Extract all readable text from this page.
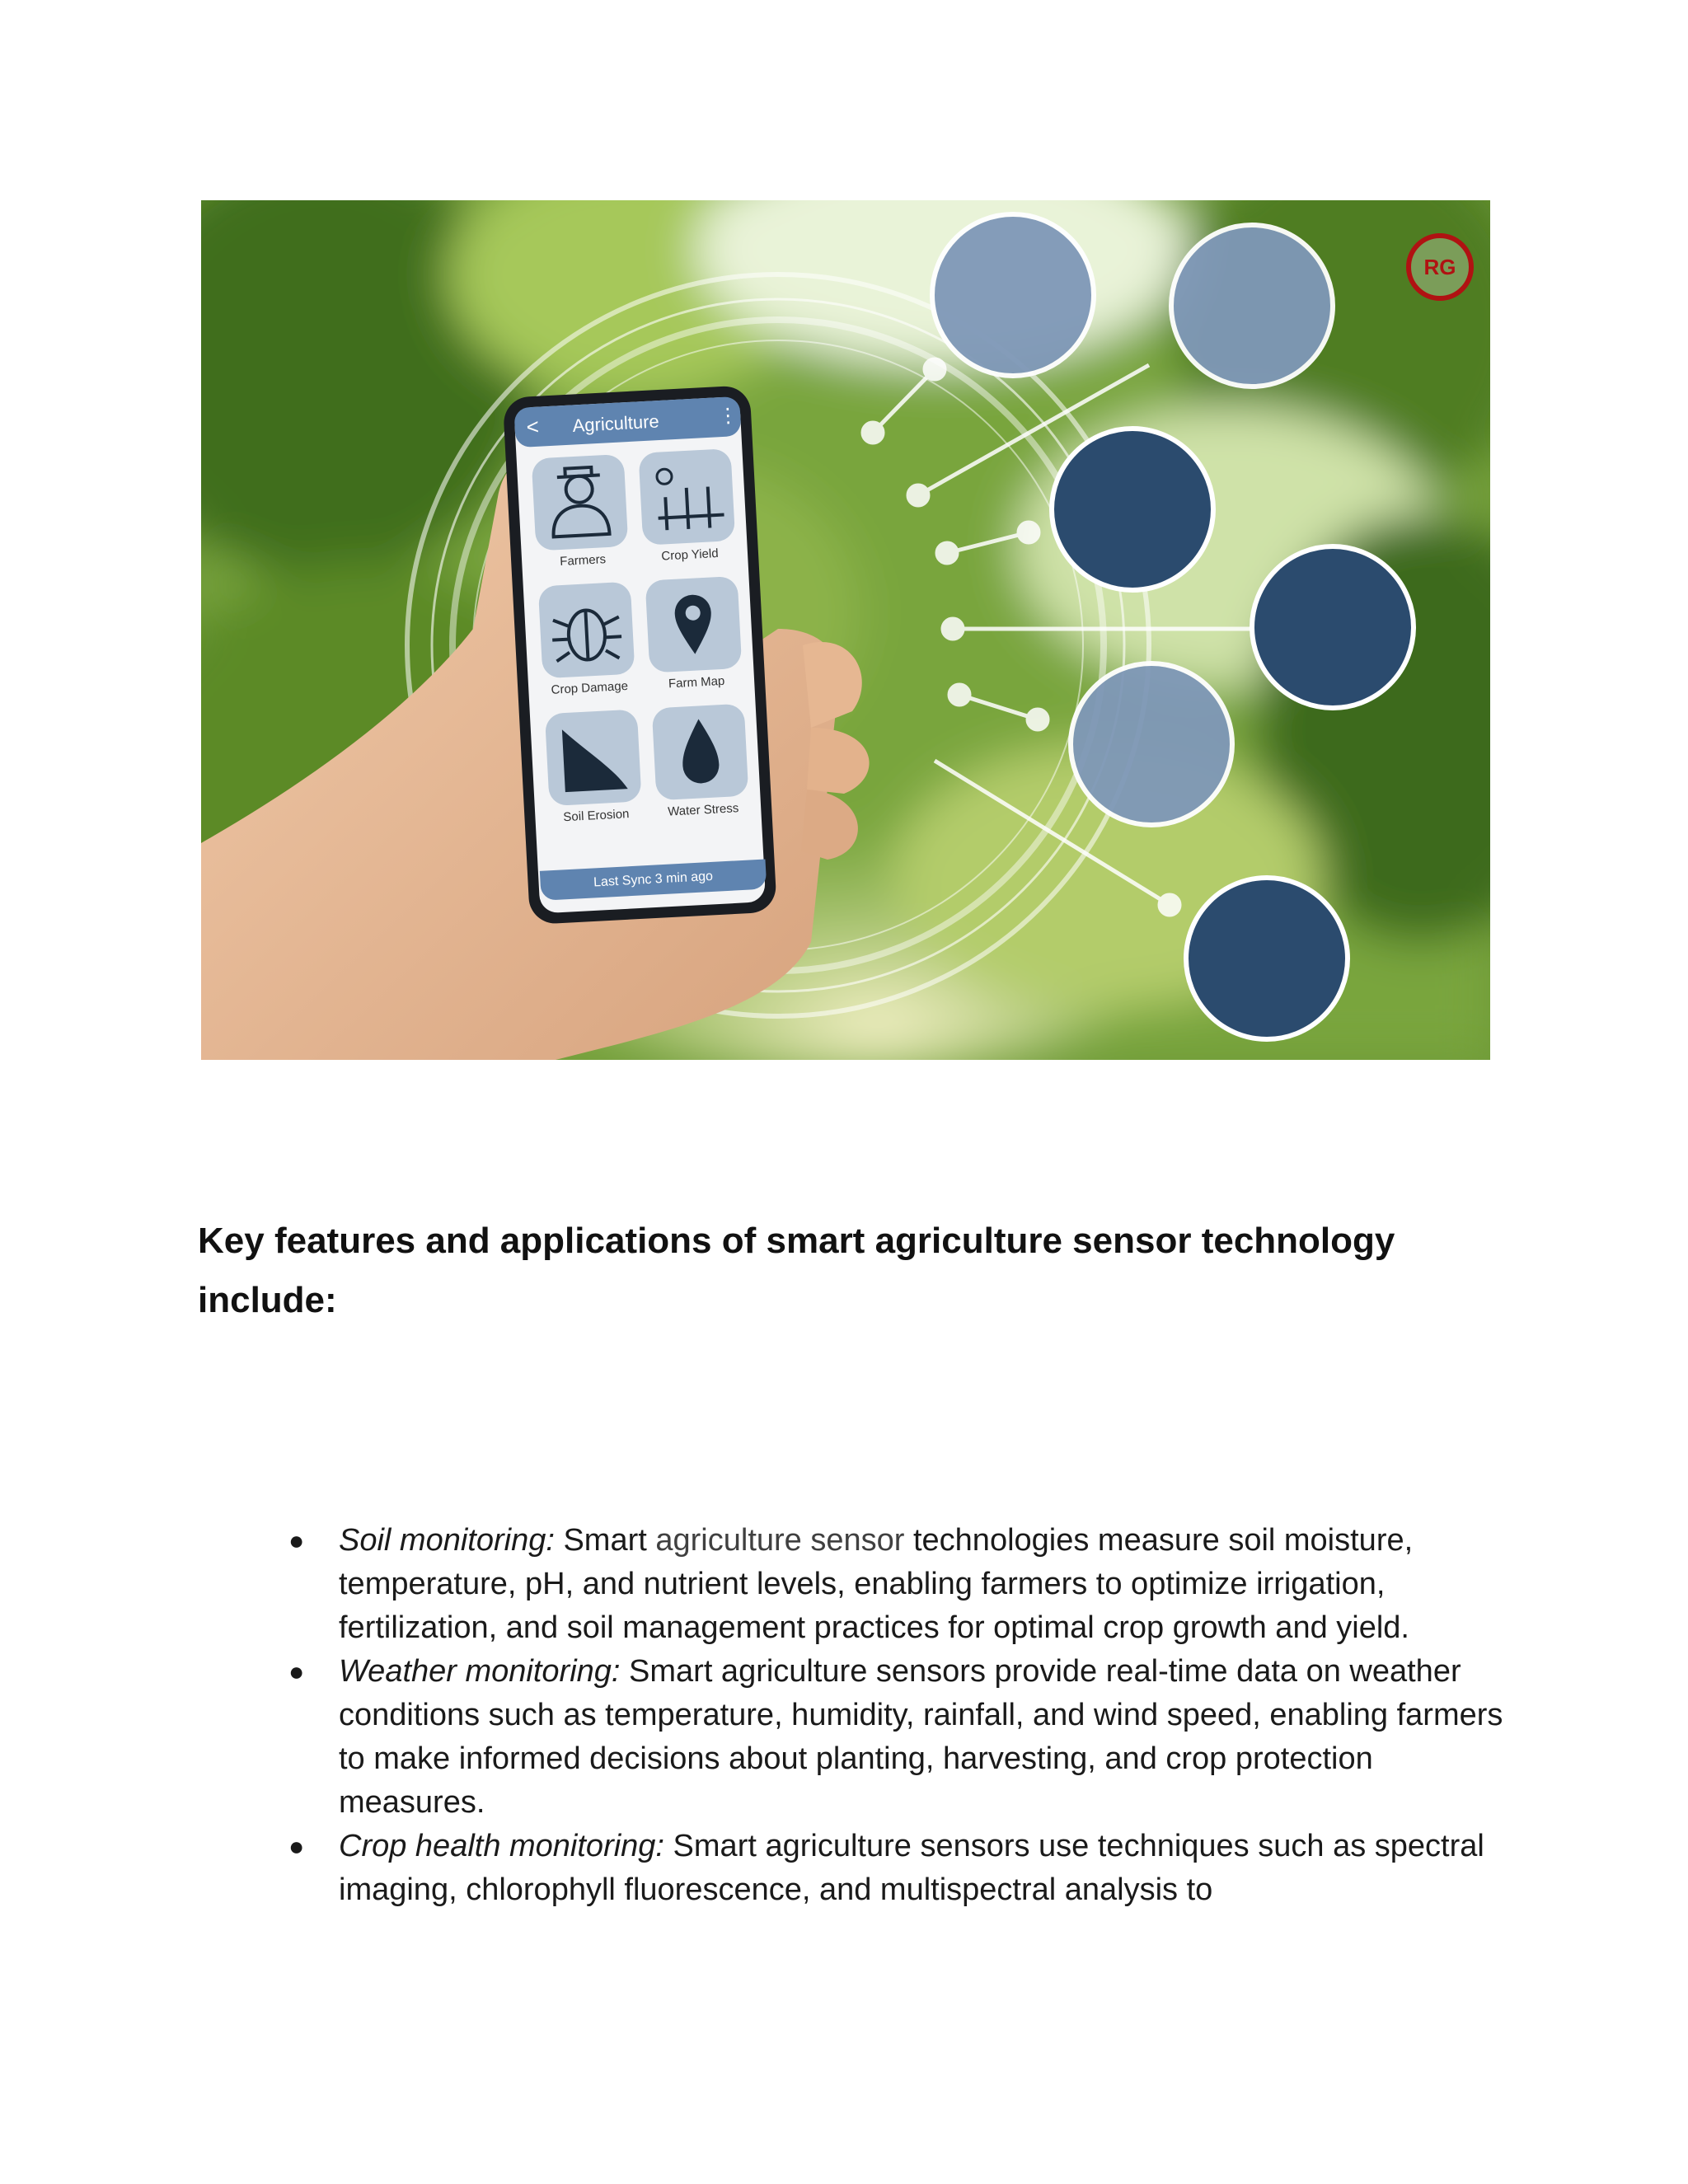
< Agriculture	⋮
Farmers	Crop Yield
Crop Damage	Farm Map
Soil Erosion	Water Stress
Last Sync 3 min ago
RG
Key features and applications of smart agriculture sensor technology include:
● Soil monitoring: Smart agriculture sensor technologies measure soil moisture, temperature, pH, and nutrient levels, enabling farmers to optimize irrigation, fertilization, and soil management practices for optimal crop growth and yield.
● Weather monitoring: Smart agriculture sensors provide real-time data on weather conditions such as temperature, humidity, rainfall, and wind speed, enabling farmers to make informed decisions about planting, harvesting, and crop protection measures.
● Crop health monitoring: Smart agriculture sensors use techniques such as spectral imaging, chlorophyll fluorescence, and multispectral analysis to
